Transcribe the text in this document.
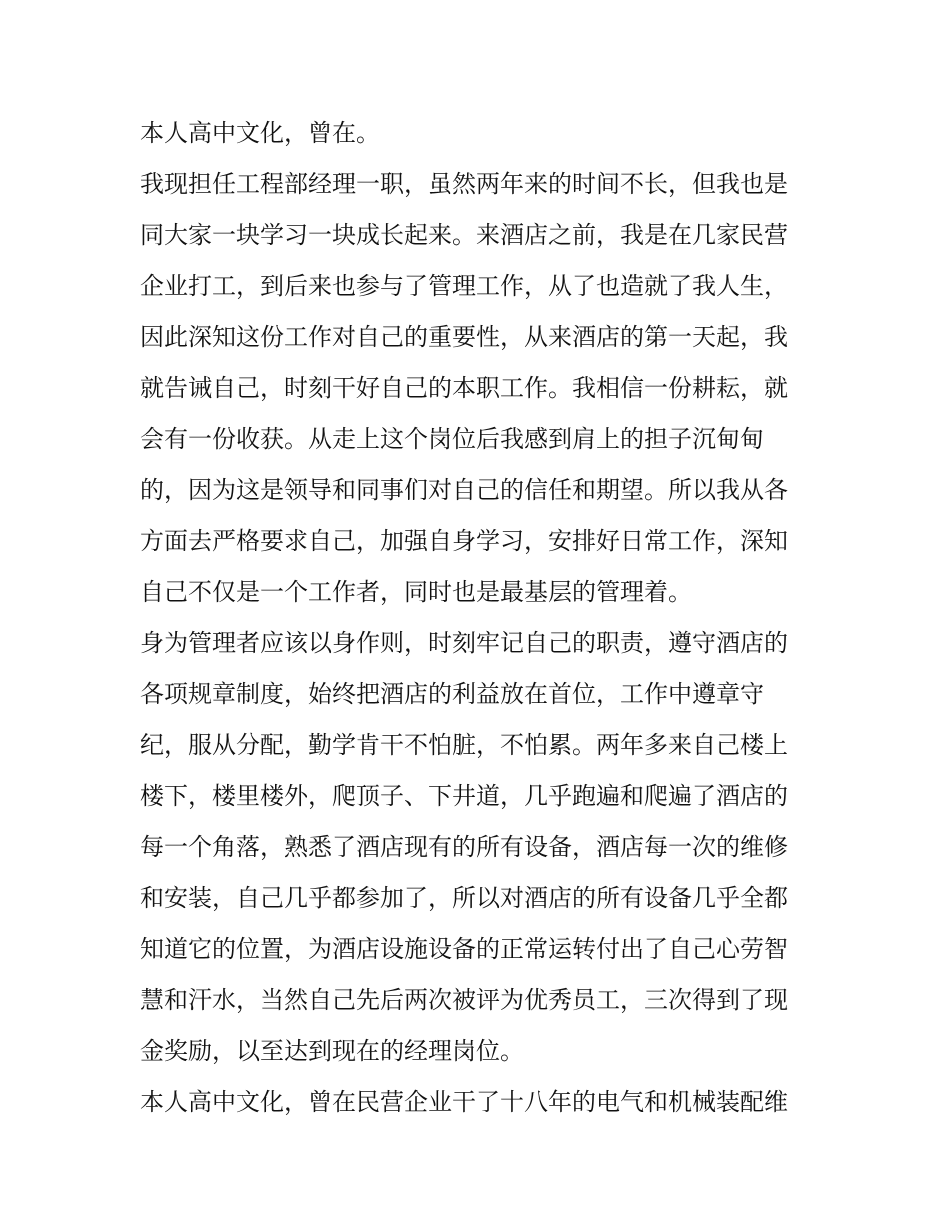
本人高中文化，曾在。
我现担任工程部经理一职，虽然两年来的时间不长，但我也是
同大家一块学习一块成长起来。来酒店之前，我是在几家民营
企业打工，到后来也参与了管理工作，从了也造就了我人生，
因此深知这份工作对自己的重要性，从来酒店的第一天起，我
就告诫自己，时刻干好自己的本职工作。我相信一份耕耘，就
会有一份收获。从走上这个岗位后我感到肩上的担子沉甸甸
的，因为这是领导和同事们对自己的信任和期望。所以我从各
方面去严格要求自己，加强自身学习，安排好日常工作，深知
自己不仅是一个工作者，同时也是最基层的管理着。
身为管理者应该以身作则，时刻牢记自己的职责，遵守酒店的
各项规章制度，始终把酒店的利益放在首位，工作中遵章守
纪，服从分配，勤学肯干不怕脏，不怕累。两年多来自己楼上
楼下，楼里楼外，爬顶子、下井道，几乎跑遍和爬遍了酒店的
每一个角落，熟悉了酒店现有的所有设备，酒店每一次的维修
和安装，自己几乎都参加了，所以对酒店的所有设备几乎全都
知道它的位置，为酒店设施设备的正常运转付出了自己心劳智
慧和汗水，当然自己先后两次被评为优秀员工，三次得到了现
金奖励，以至达到现在的经理岗位。
本人高中文化，曾在民营企业干了十八年的电气和机械装配维
